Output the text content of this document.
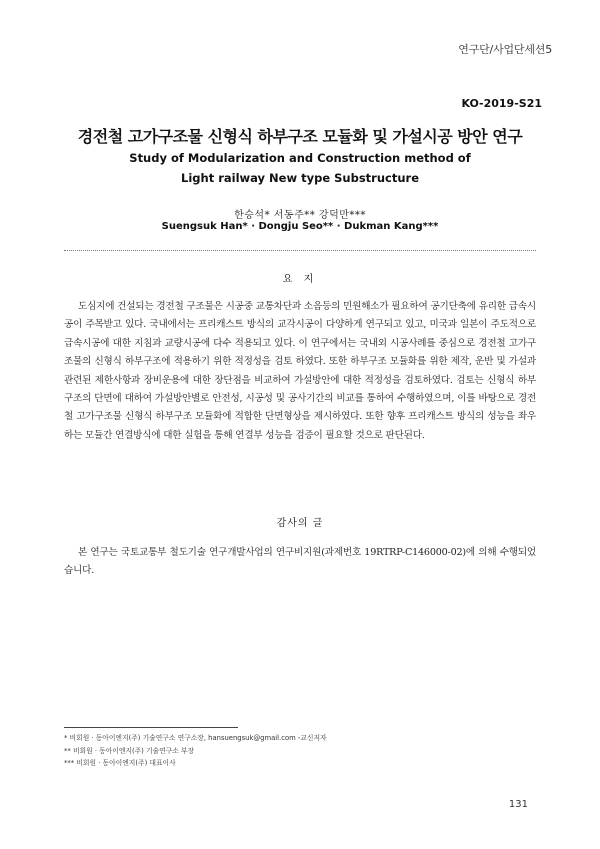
연구단/사업단세션5
KO-2019-S21
경전철 고가구조물 신형식 하부구조 모듈화 및 가설시공 방안 연구
Study of Modularization and Construction method of
Light railway New type Substructure
한승석* 서동주** 강덕만***
Suengsuk Han* · Dongju Seo** · Dukman Kang***
요 지
도심지에 건설되는 경전철 구조물은 시공중 교통차단과 소음등의 민원해소가 필요하여 공기단축에 유리한 급속시공이 주목받고 있다. 국내에서는 프리캐스트 방식의 교각시공이 다양하게 연구되고 있고, 미국과 일본이 주도적으로 급속시공에 대한 지침과 교량시공에 다수 적용되고 있다. 이 연구에서는 국내외 시공사례를 중심으로 경전철 고가구조물의 신형식 하부구조에 적용하기 위한 적정성을 검토 하였다. 또한 하부구조 모듈화를 위한 제작, 운반 및 가설과 관련된 제한사항과 장비운용에 대한 장단점을 비교하여 가설방안에 대한 적정성을 검토하였다. 검토는 신형식 하부구조의 단면에 대하여 가설방안별로 안전성, 시공성 및 공사기간의 비교를 통하여 수행하였으며, 이를 바탕으로 경전철 고가구조물 신형식 하부구조 모듈화에 적합한 단면형상을 제시하였다. 또한 향후 프리캐스트 방식의 성능을 좌우하는 모듈간 연결방식에 대한 실험을 통해 연결부 성능을 검증이 필요할 것으로 판단된다.
감사의 글
본 연구는 국토교통부 철도기술 연구개발사업의 연구비지원(과제번호 19RTRP-C146000-02)에 의해 수행되었습니다.
* 비회원 · 동아이엔지(주) 기술연구소 연구소장, hansuengsuk@gmail.com -교신저자
** 비회원 · 동아이엔지(주) 기술연구소 부장
*** 비회원 · 동아이엔지(주) 대표이사
131
